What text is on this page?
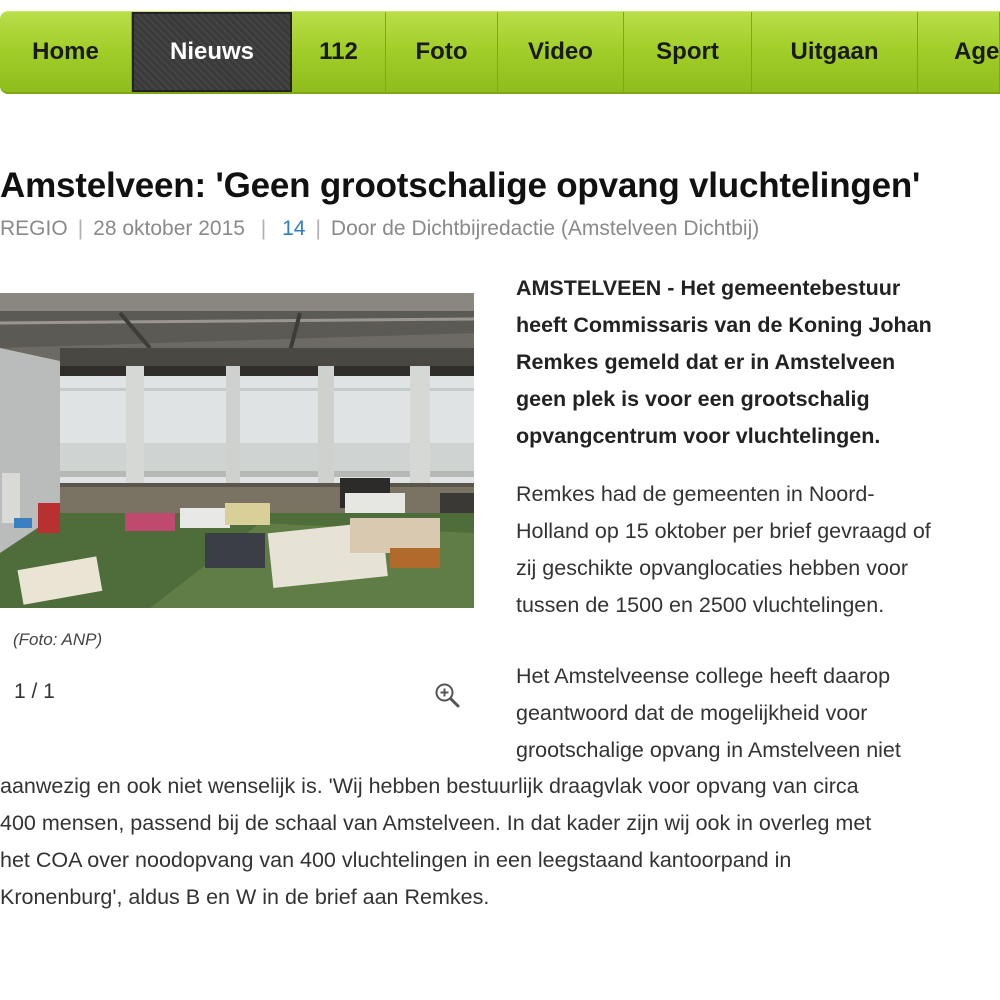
Home	Nieuws	112	Foto	Video	Sport	Uitgaan	Age
Amstelveen: 'Geen grootschalige opvang vluchtelingen'
REGIO | 28 oktober 2015 | 14 | Door de Dichtbijredactie (Amstelveen Dichtbij)
(Foto: ANP)
1 / 1
AMSTELVEEN - Het gemeentebestuur
heeft Commissaris van de Koning Johan
Remkes gemeld dat er in Amstelveen
geen plek is voor een grootschalig
opvangcentrum voor vluchtelingen.
Remkes had de gemeenten in Noord-
Holland op 15 oktober per brief gevraagd of
zij geschikte opvanglocaties hebben voor
tussen de 1500 en 2500 vluchtelingen.
Het Amstelveense college heeft daarop
geantwoord dat de mogelijkheid voor
grootschalige opvang in Amstelveen niet
aanwezig en ook niet wenselijk is. 'Wij hebben bestuurlijk draagvlak voor opvang van circa
400 mensen, passend bij de schaal van Amstelveen. In dat kader zijn wij ook in overleg met
het COA over noodopvang van 400 vluchtelingen in een leegstaand kantoorpand in
Kronenburg', aldus B en W in de brief aan Remkes.
